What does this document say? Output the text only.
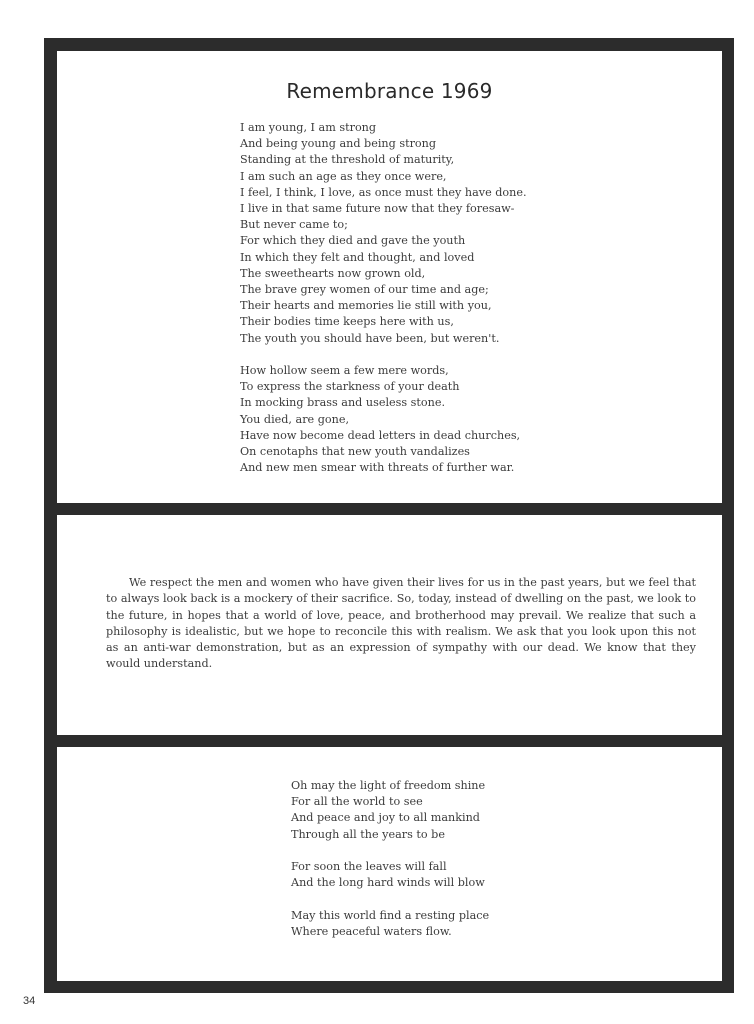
Remembrance 1969
I am young, I am strong
And being young and being strong
Standing at the threshold of maturity,
I am such an age as they once were,
I feel, I think, I love, as once must they have done.
I live in that same future now that they foresaw-
But never came to;
For which they died and gave the youth
In which they felt and thought, and loved
The sweethearts now grown old,
The brave grey women of our time and age;
Their hearts and memories lie still with you,
Their bodies time keeps here with us,
The youth you should have been, but weren't.
How hollow seem a few mere words,
To express the starkness of your death
In mocking brass and useless stone.
You died, are gone,
Have now become dead letters in dead churches,
On cenotaphs that new youth vandalizes
And new men smear with threats of further war.

We respect the men and women who have given their lives for us in the past years, but we feel that to always look back is a mockery of their sacrifice. So, today, instead of dwelling on the past, we look to the future, in hopes that a world of love, peace, and brotherhood may prevail. We realize that such a philosophy is idealistic, but we hope to reconcile this with realism. We ask that you look upon this not as an anti-war demonstration, but as an expression of sympathy with our dead. We know that they would understand.

Oh may the light of freedom shine
For all the world to see
And peace and joy to all mankind
Through all the years to be
For soon the leaves will fall
And the long hard winds will blow
May this world find a resting place
Where peaceful waters flow.
34
